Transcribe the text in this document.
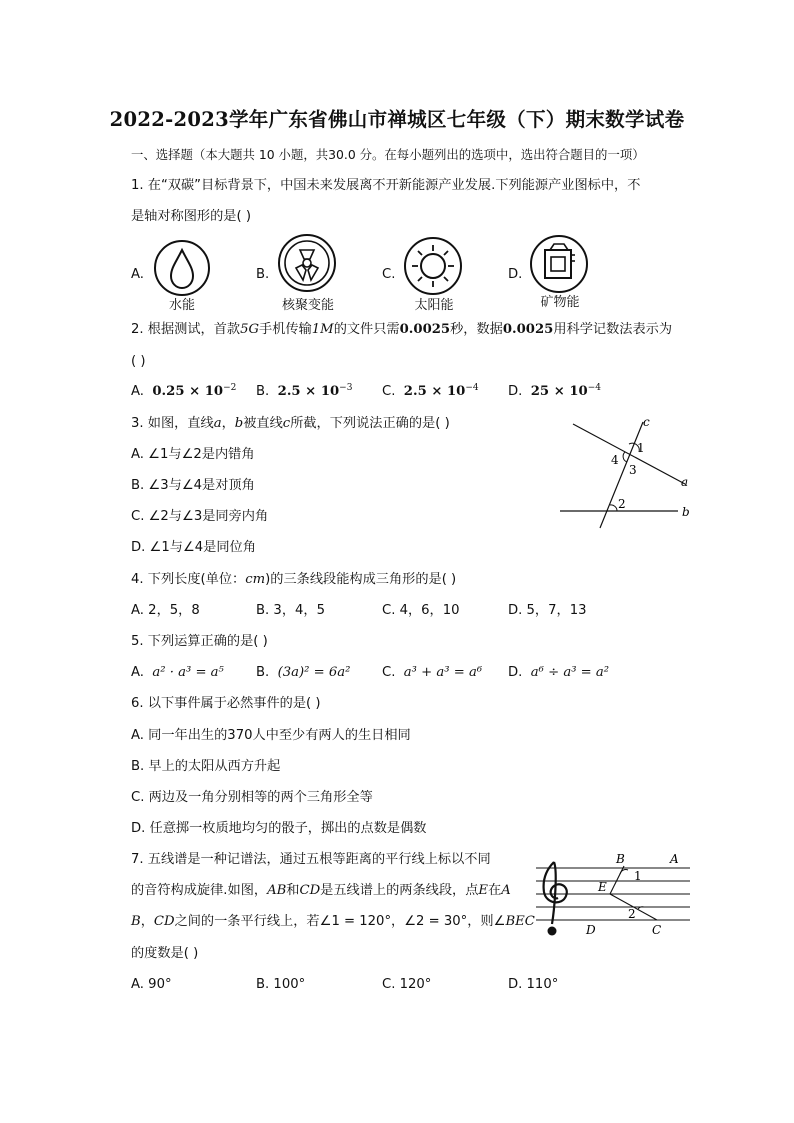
2022-2023学年广东省佛山市禅城区七年级（下）期末数学试卷
一、选择题（本大题共 10 小题，共30.0 分。在每小题列出的选项中，选出符合题目的一项）
1. 在“双碳”目标背景下，中国未来发展离不开新能源产业发展.下列能源产业图标中，不
是轴对称图形的是( )
A.	B.	C.	D.
水能	核聚变能	太阳能	矿物能
2. 根据测试，首款5G手机传输1M的文件只需0.0025秒，数据0.0025用科学记数法表示为
( )
A. $0.25 \times 10^{-2}$ B. $2.5 \times 10^{-3}$ C. $2.5 \times 10^{-4}$ D. $25 \times 10^{-4}$
3. 如图，直线a，b被直线c所截，下列说法正确的是( )
A. ∠1与∠2是内错角
B. ∠3与∠4是对顶角
C. ∠2与∠3是同旁内角
D. ∠1与∠4是同位角
c
a
b
1
4
3
2
4. 下列长度(单位：cm)的三条线段能构成三角形的是( )
A. 2，5，8	B. 3，4，5	C. 4，6，10	D. 5，7，13
5. 下列运算正确的是( )
A. a² · a³ = a⁵ B. (3a)² = 6a² C. a³ + a³ = a⁶ D. a⁶ ÷ a³ = a²
6. 以下事件属于必然事件的是( )
A. 同一年出生的370人中至少有两人的生日相同
B. 早上的太阳从西方升起
C. 两边及一角分别相等的两个三角形全等
D. 任意掷一枚质地均匀的骰子，掷出的点数是偶数
7. 五线谱是一种记谱法，通过五根等距离的平行线上标以不同
的音符构成旋律.如图，AB和CD是五线谱上的两条线段，点E在A
B，CD之间的一条平行线上，若∠1 = 120°，∠2 = 30°，则∠BEC
的度数是( )
A. 90°	B. 100°	C. 120°	D. 110°
B	A
E
D	C
1
2
